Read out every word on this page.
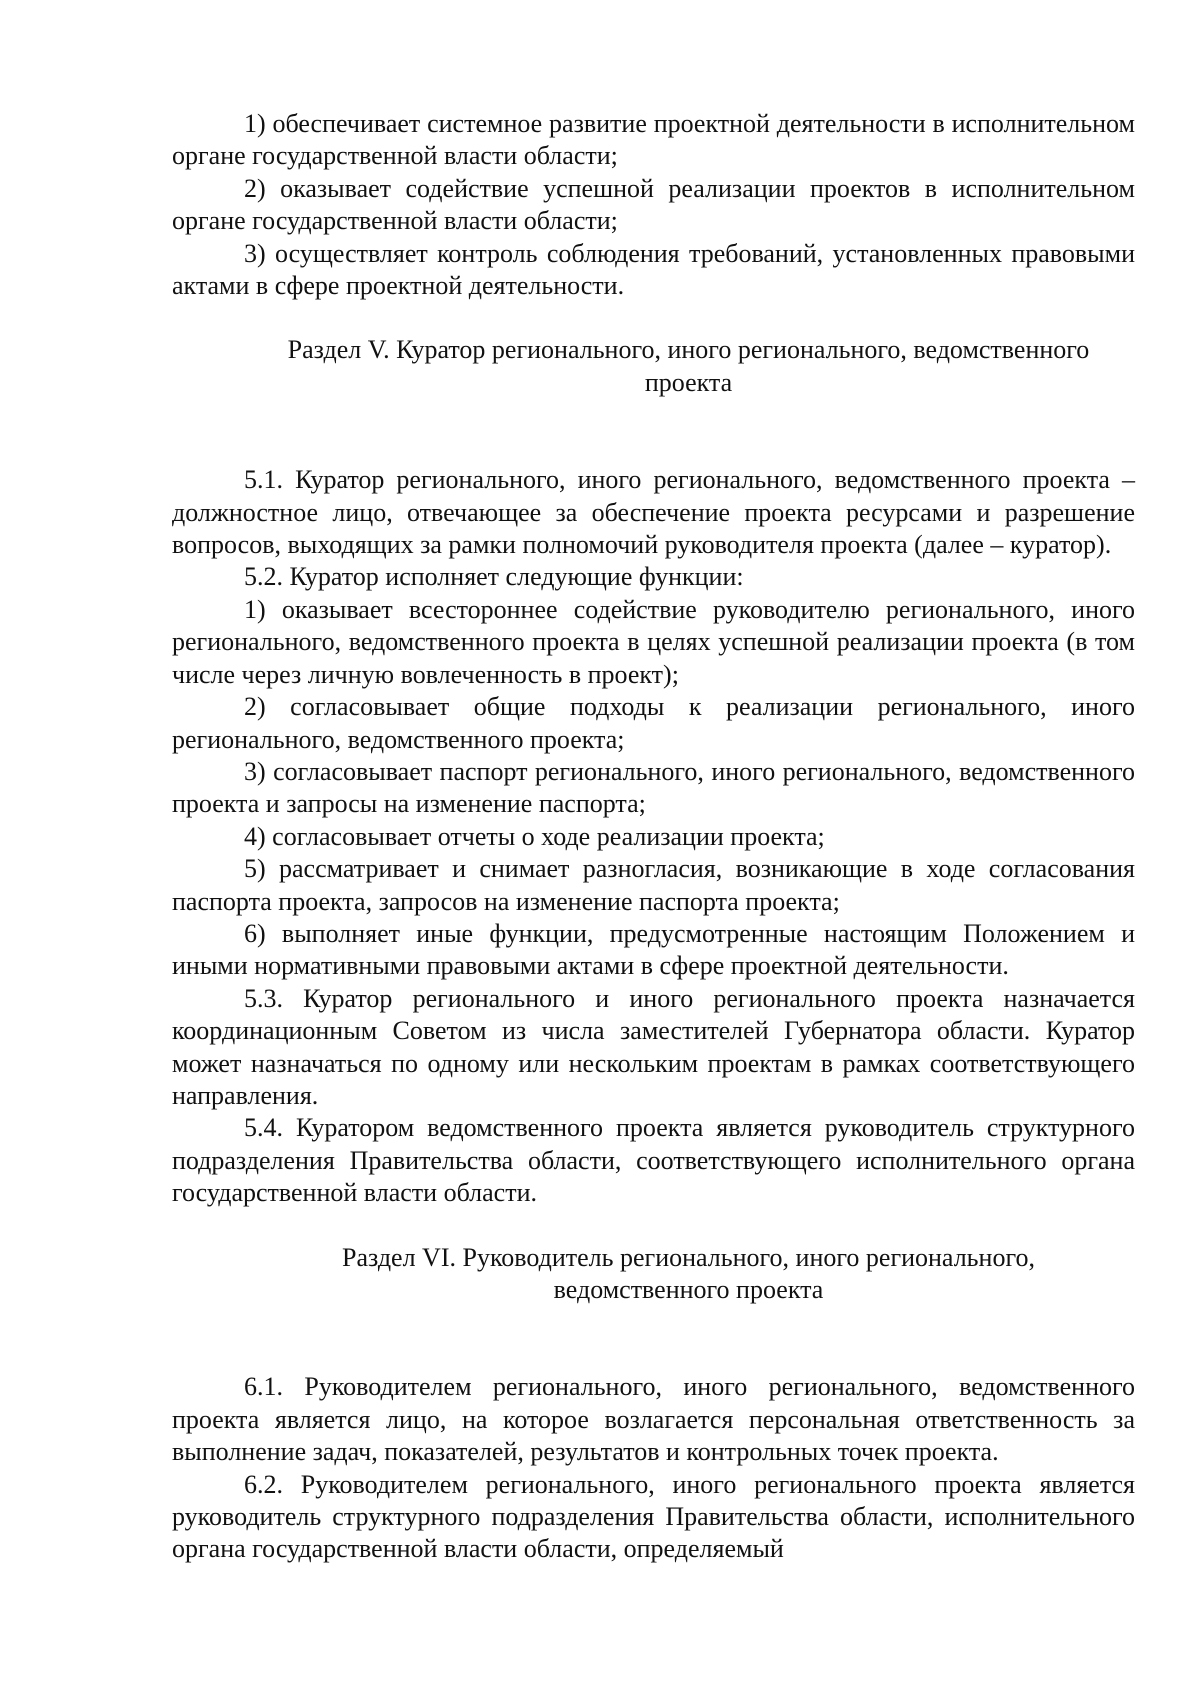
1) обеспечивает системное развитие проектной деятельности в исполнительном органе государственной власти области;

2) оказывает содействие успешной реализации проектов в исполнительном органе государственной власти области;

3) осуществляет контроль соблюдения требований, установленных правовыми актами в сфере проектной деятельности.

Раздел V. Куратор регионального, иного регионального, ведомственного
проекта

5.1. Куратор регионального, иного регионального, ведомственного проекта – должностное лицо, отвечающее за обеспечение проекта ресурсами и разрешение вопросов, выходящих за рамки полномочий руководителя проекта (далее – куратор).

5.2. Куратор исполняет следующие функции:

1) оказывает всестороннее содействие руководителю регионального, иного регионального, ведомственного проекта в целях успешной реализации проекта (в том числе через личную вовлеченность в проект);

2) согласовывает общие подходы к реализации регионального, иного регионального, ведомственного проекта;

3) согласовывает паспорт регионального, иного регионального, ведомственного проекта и запросы на изменение паспорта;

4) согласовывает отчеты о ходе реализации проекта;

5) рассматривает и снимает разногласия, возникающие в ходе согласования паспорта проекта, запросов на изменение паспорта проекта;

6) выполняет иные функции, предусмотренные настоящим Положением и иными нормативными правовыми актами в сфере проектной деятельности.

5.3. Куратор регионального и иного регионального проекта назначается координационным Советом из числа заместителей Губернатора области. Куратор может назначаться по одному или нескольким проектам в рамках соответствующего направления.

5.4. Куратором ведомственного проекта является руководитель структурного подразделения Правительства области, соответствующего исполнительного органа государственной власти области.

Раздел VI. Руководитель регионального, иного регионального,
ведомственного проекта

6.1. Руководителем регионального, иного регионального, ведомственного проекта является лицо, на которое возлагается персональная ответственность за выполнение задач, показателей, результатов и контрольных точек проекта.

6.2. Руководителем регионального, иного регионального проекта является руководитель структурного подразделения Правительства области, исполнительного органа государственной власти области, определяемый
